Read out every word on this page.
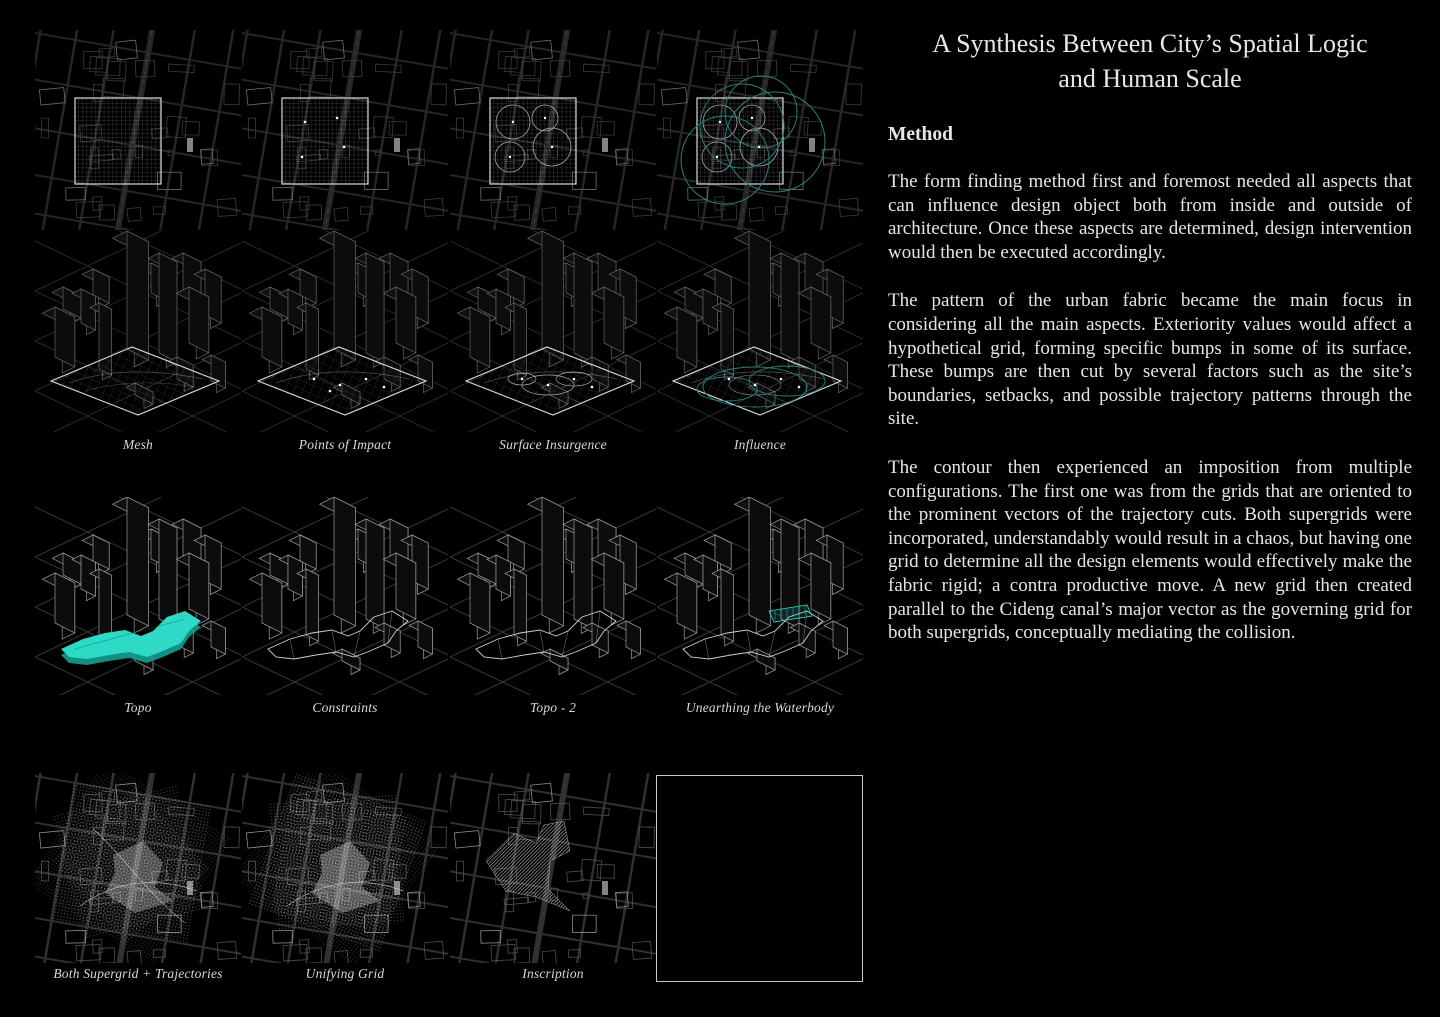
Mesh	Points of Impact	Surface Insurgence	Influence
Topo	Constraints	Topo - 2	Unearthing the Waterbody
Both Supergrid + Trajectories	Unifying Grid	Inscription
A Synthesis Between City’s Spatial Logic
and Human Scale
Method

The form finding method first and foremost needed all aspects that can influence design object both from inside and outside of architecture. Once these aspects are determined, design intervention would then be executed accordingly.

The pattern of the urban fabric became the main focus in considering all the main aspects. Exteriority values would affect a hypothetical grid, forming specific bumps in some of its surface. These bumps are then cut by several factors such as the site’s boundaries, setbacks, and possible trajectory patterns through the site.

The contour then experienced an imposition from multiple configurations. The first one was from the grids that are oriented to the prominent vectors of the trajectory cuts. Both supergrids were incorporated, understandably would result in a chaos, but having one grid to determine all the design elements would effectively make the fabric rigid; a contra productive move. A new grid then created parallel to the Cideng canal’s major vector as the governing grid for both supergrids, conceptually mediating the collision.
